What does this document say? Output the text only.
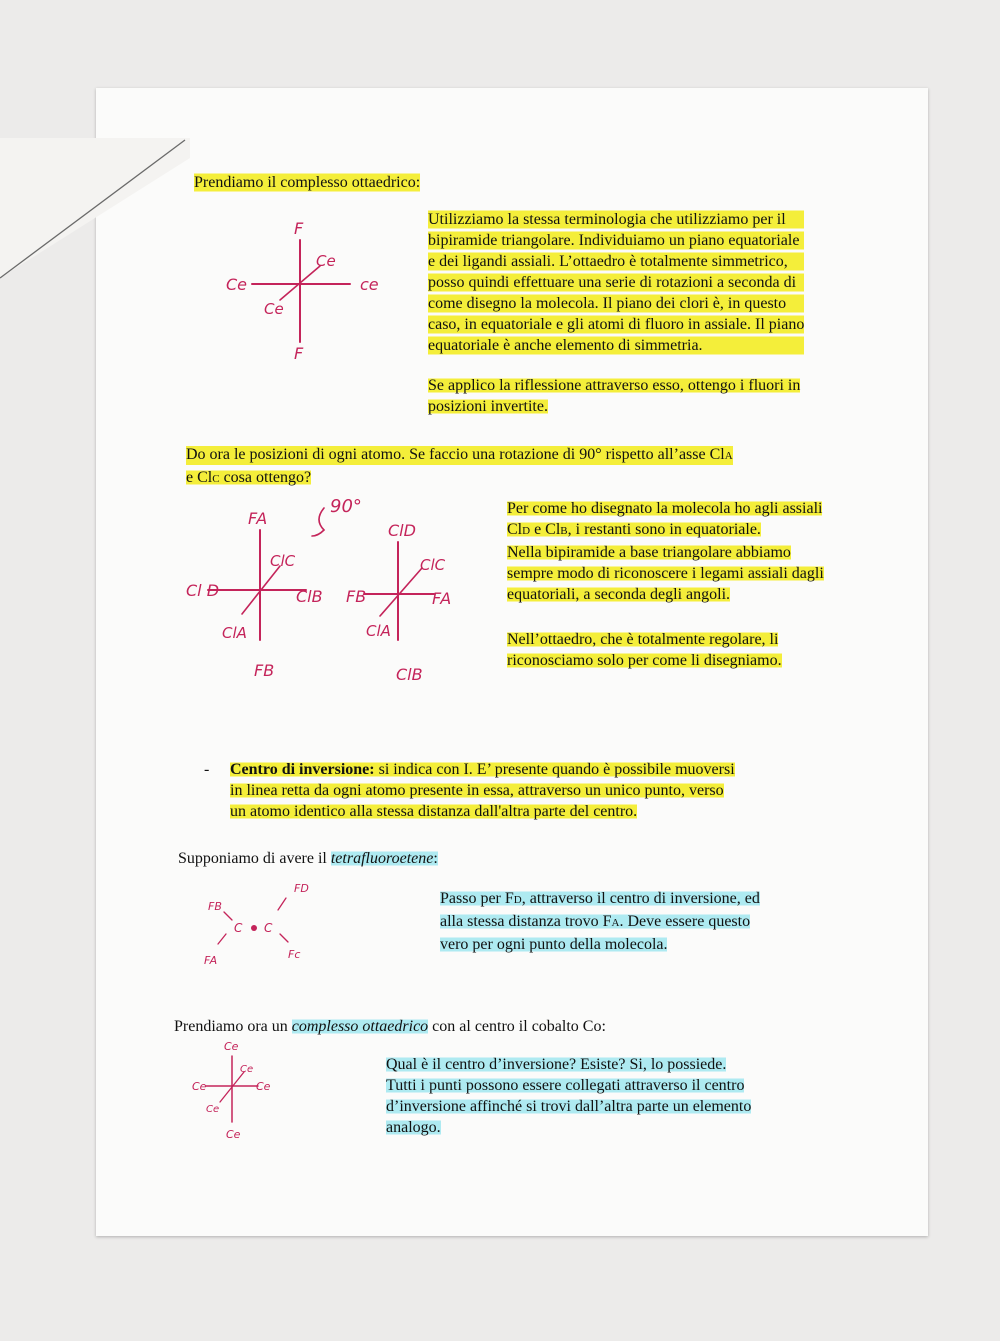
Prendiamo il complesso ottaedrico:
F
F
Ce	ce
Ce
Ce
Utilizziamo la stessa terminologia che utilizziamo per il
bipiramide triangolare. Individuiamo un piano equatoriale
e dei ligandi assiali. L’ottaedro è totalmente simmetrico,
posso quindi effettuare una serie di rotazioni a seconda di
come disegno la molecola. Il piano dei clori è, in questo
caso, in equatoriale e gli atomi di fluoro in assiale. Il piano
equatoriale è anche elemento di simmetria.
Se applico la riflessione attraverso esso, ottengo i fluori in
posizioni invertite.
Do ora le posizioni di ogni atomo. Se faccio una rotazione di 90° rispetto all’asse ClA
e ClC cosa ottengo?
FA
FB
Cl D	ClB
ClC
ClA
90°
ClD
ClB
FB	FA
ClC
ClA
Per come ho disegnato la molecola ho agli assiali
ClD e ClB, i restanti sono in equatoriale.
Nella bipiramide a base triangolare abbiamo
sempre modo di riconoscere i legami assiali dagli
equatoriali, a seconda degli angoli.
Nell’ottaedro, che è totalmente regolare, li
riconosciamo solo per come li disegniamo.
- Centro di inversione: si indica con I. E’ presente quando è possibile muoversi
in linea retta da ogni atomo presente in essa, attraverso un unico punto, verso
un atomo identico alla stessa distanza dall'altra parte del centro.
Supponiamo di avere il tetrafluoroetene:
FB
FD
FA	Fc
C C
Passo per FD, attraverso il centro di inversione, ed
alla stessa distanza trovo FA. Deve essere questo
vero per ogni punto della molecola.
Prendiamo ora un complesso ottaedrico con al centro il cobalto Co:
Ce
Ce
Ce	Ce
Ce
Ce
Qual è il centro d’inversione? Esiste? Si, lo possiede.
Tutti i punti possono essere collegati attraverso il centro
d’inversione affinché si trovi dall’altra parte un elemento
analogo.
